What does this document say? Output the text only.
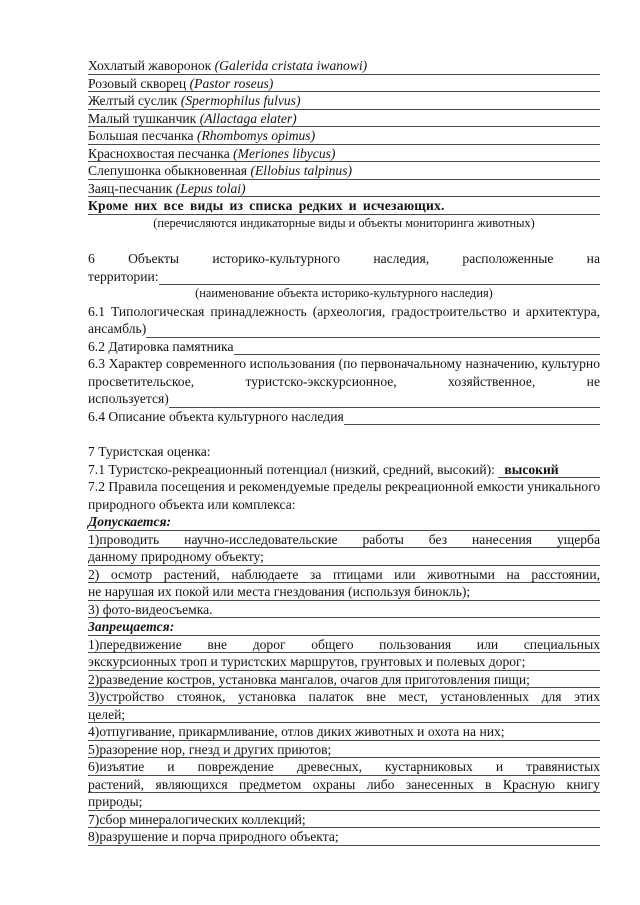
Хохлатый жаворонок (Galerida cristata iwanowi)
Розовый скворец (Pastor roseus)
Желтый суслик (Spermophilus fulvus)
Малый тушканчик (Allactaga elater)
Большая песчанка (Rhombomys opimus)
Краснохвостая песчанка (Meriones libycus)
Слепушонка обыкновенная (Ellobius talpinus)
Заяц-песчаник (Lepus tolai)
Кроме них все виды из списка редких и исчезающих.
(перечисляются индикаторные виды и объекты мониторинга животных)
6 Объекты историко-культурного наследия, расположенные на
территории:
(наименование объекта историко-культурного наследия)
6.1 Типологическая принадлежность (археология, градостроительство и архитектура,
ансамбль)
6.2 Датировка памятника
6.3 Характер современного использования (по первоначальному назначению, культурно
просветительское, туристско-экскурсионное, хозяйственное, не
используется)
6.4 Описание объекта культурного наследия
7 Туристская оценка:
7.1 Туристско-рекреационный потенциал (низкий, средний, высокий): высокий
7.2 Правила посещения и рекомендуемые пределы рекреационной емкости уникального
природного объекта или комплекса:
Допускается:
1)проводить научно-исследовательские работы без нанесения ущерба
данному природному объекту;
2) осмотр растений, наблюдаете за птицами или животными на расстоянии,
не нарушая их покой или места гнездования (используя бинокль);
3) фото-видеосъемка.
Запрещается:
1)передвижение вне дорог общего пользования или специальных
экскурсионных троп и туристских маршрутов, грунтовых и полевых дорог;
2)разведение костров, установка мангалов, очагов для приготовления пищи;
3)устройство стоянок, установка палаток вне мест, установленных для этих
целей;
4)отпугивание, прикармливание, отлов диких животных и охота на них;
5)разорение нор, гнезд и других приютов;
6)изъятие и повреждение древесных, кустарниковых и травянистых
растений, являющихся предметом охраны либо занесенных в Красную книгу
природы;
7)сбор минералогических коллекций;
8)разрушение и порча природного объекта;
